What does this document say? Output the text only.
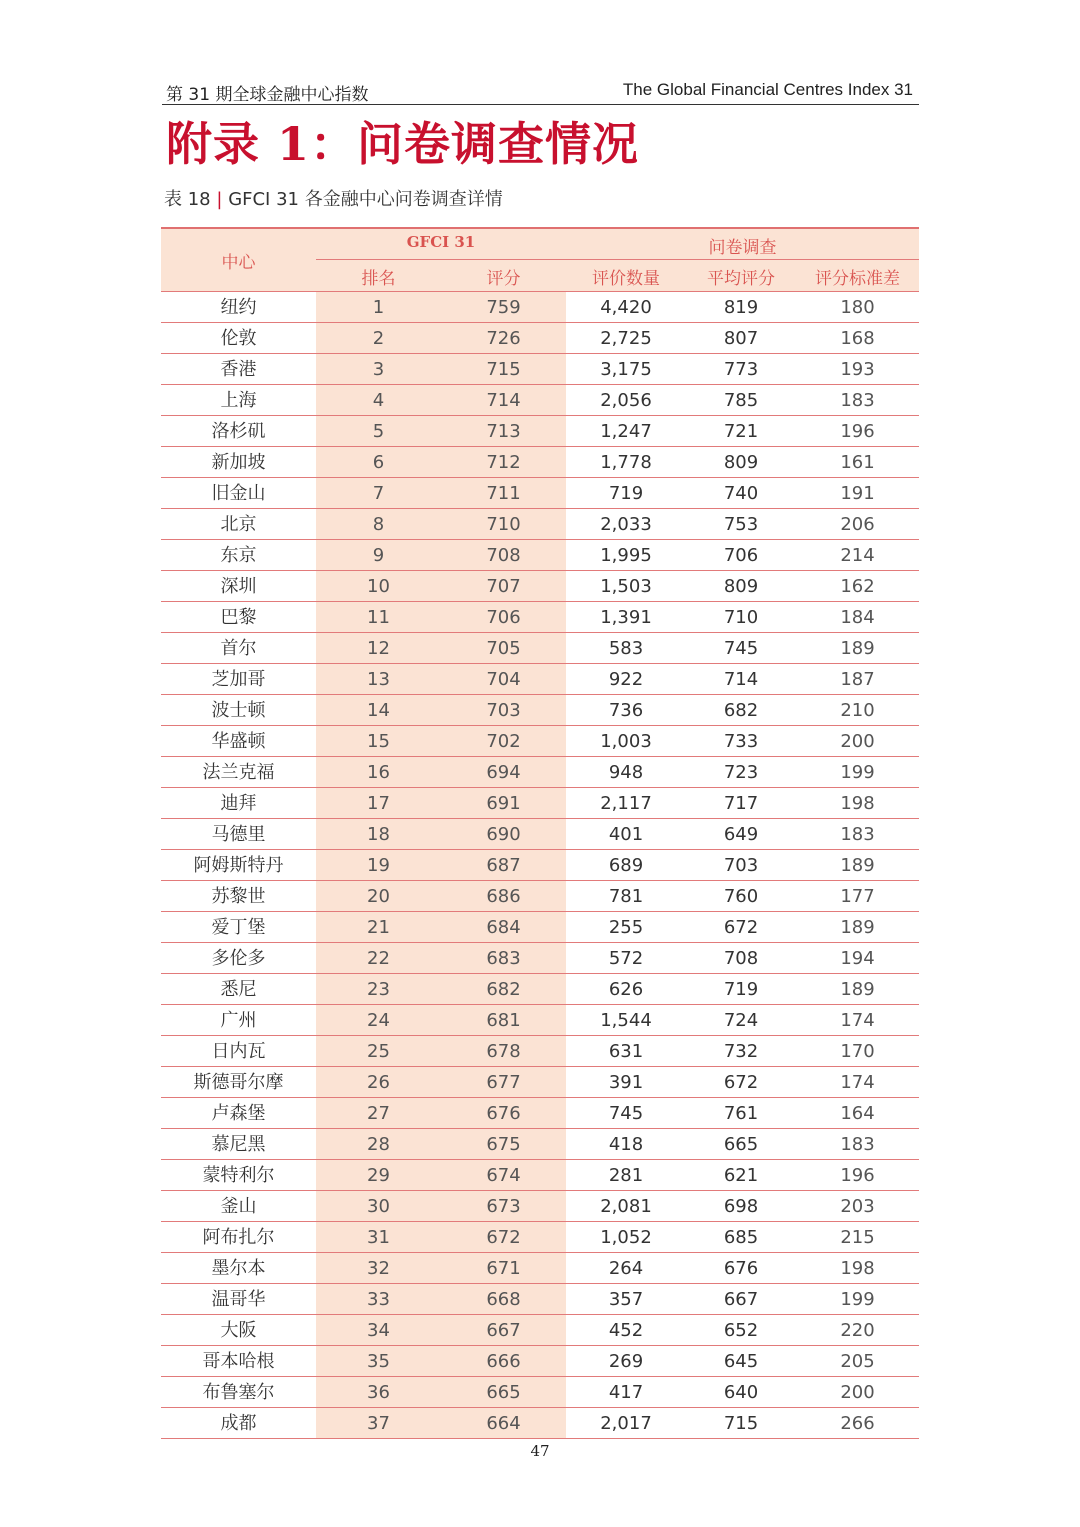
第 31 期全球金融中心指数	The Global Financial Centres Index 31
附录 1：问卷调查情况
表 18 | GFCI 31 各金融中心问卷调查详情
中心
GFCI 31	问卷调查
排名	评分	评价数量	平均评分	评分标准差
纽约	1	759	4,420	819	180
伦敦	2	726	2,725	807	168
香港	3	715	3,175	773	193
上海	4	714	2,056	785	183
洛杉矶	5	713	1,247	721	196
新加坡	6	712	1,778	809	161
旧金山	7	711	719	740	191
北京	8	710	2,033	753	206
东京	9	708	1,995	706	214
深圳	10	707	1,503	809	162
巴黎	11	706	1,391	710	184
首尔	12	705	583	745	189
芝加哥	13	704	922	714	187
波士顿	14	703	736	682	210
华盛顿	15	702	1,003	733	200
法兰克福	16	694	948	723	199
迪拜	17	691	2,117	717	198
马德里	18	690	401	649	183
阿姆斯特丹	19	687	689	703	189
苏黎世	20	686	781	760	177
爱丁堡	21	684	255	672	189
多伦多	22	683	572	708	194
悉尼	23	682	626	719	189
广州	24	681	1,544	724	174
日内瓦	25	678	631	732	170
斯德哥尔摩	26	677	391	672	174
卢森堡	27	676	745	761	164
慕尼黑	28	675	418	665	183
蒙特利尔	29	674	281	621	196
釜山	30	673	2,081	698	203
阿布扎尔	31	672	1,052	685	215
墨尔本	32	671	264	676	198
温哥华	33	668	357	667	199
大阪	34	667	452	652	220
哥本哈根	35	666	269	645	205
布鲁塞尔	36	665	417	640	200
成都	37	664	2,017	715	266
47
